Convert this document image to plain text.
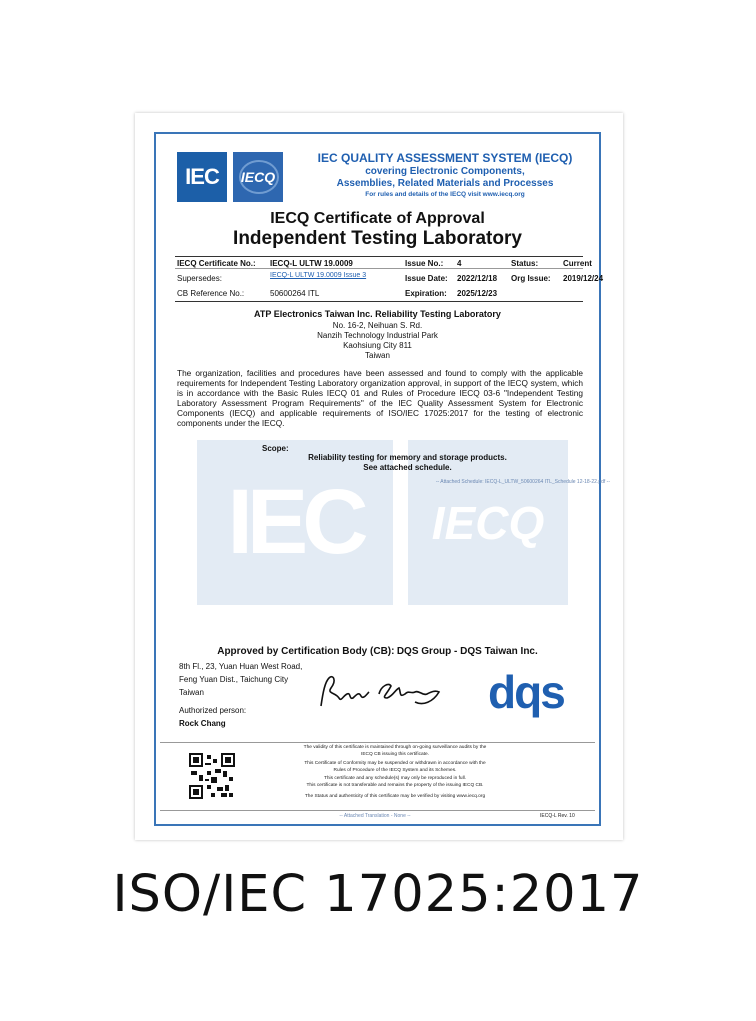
IEC IECQ
IEC IECQ
IEC QUALITY ASSESSMENT SYSTEM (IECQ)
covering Electronic Components,
Assemblies, Related Materials and Processes
For rules and details of the IECQ visit www.iecq.org
IECQ Certificate of Approval
Independent Testing Laboratory
IECQ Certificate No.: IECQ-L ULTW 19.0009	Issue No.: 4	Status:	Current
Supersedes:	IECQ-L ULTW 19.0009 Issue 3	Issue Date: 2022/12/18 Org Issue: 2019/12/24
CB Reference No.:	50600264 ITL	Expiration: 2025/12/23
ATP Electronics Taiwan Inc. Reliability Testing Laboratory
No. 16-2, Neihuan S. Rd.
Nanzih Technology Industrial Park
Kaohsiung City 811
Taiwan
The organization, facilities and procedures have been assessed and found to comply with the applicable requirements for Independent Testing Laboratory organization approval, in support of the IECQ system, which is in accordance with the Basic Rules IECQ 01 and Rules of Procedure IECQ 03-6 "Independent Testing Laboratory Assessment Program Requirements" of the IEC Quality Assessment System for Electronic Components (IECQ) and applicable requirements of ISO/IEC 17025:2017 for the testing of electronic components under the IECQ.
Scope:
Reliability testing for memory and storage products.
See attached schedule.
-- Attached Schedule: IECQ-L_ULTW_50600264 ITL_Schedule 12-18-22.pdf --
Approved by Certification Body (CB): DQS Group - DQS Taiwan Inc.
8th Fl., 23, Yuan Huan West Road,
Feng Yuan Dist., Taichung City
Taiwan
Authorized person:
Rock Chang
dqs
The validity of this certificate is maintained through on-going surveillance audits by the
IECQ CB issuing this certificate.
This Certificate of Conformity may be suspended or withdrawn in accordance with the
Rules of Procedure of the IECQ System and its Schemes.
This certificate and any schedule(s) may only be reproduced in full.
This certificate is not transferable and remains the property of the issuing IECQ CB.
The Status and authenticity of this certificate may be verified by visiting www.iecq.org
-- Attached Translation - None --	IECQ-L Rev. 10
ISO/IEC 17025:2017
